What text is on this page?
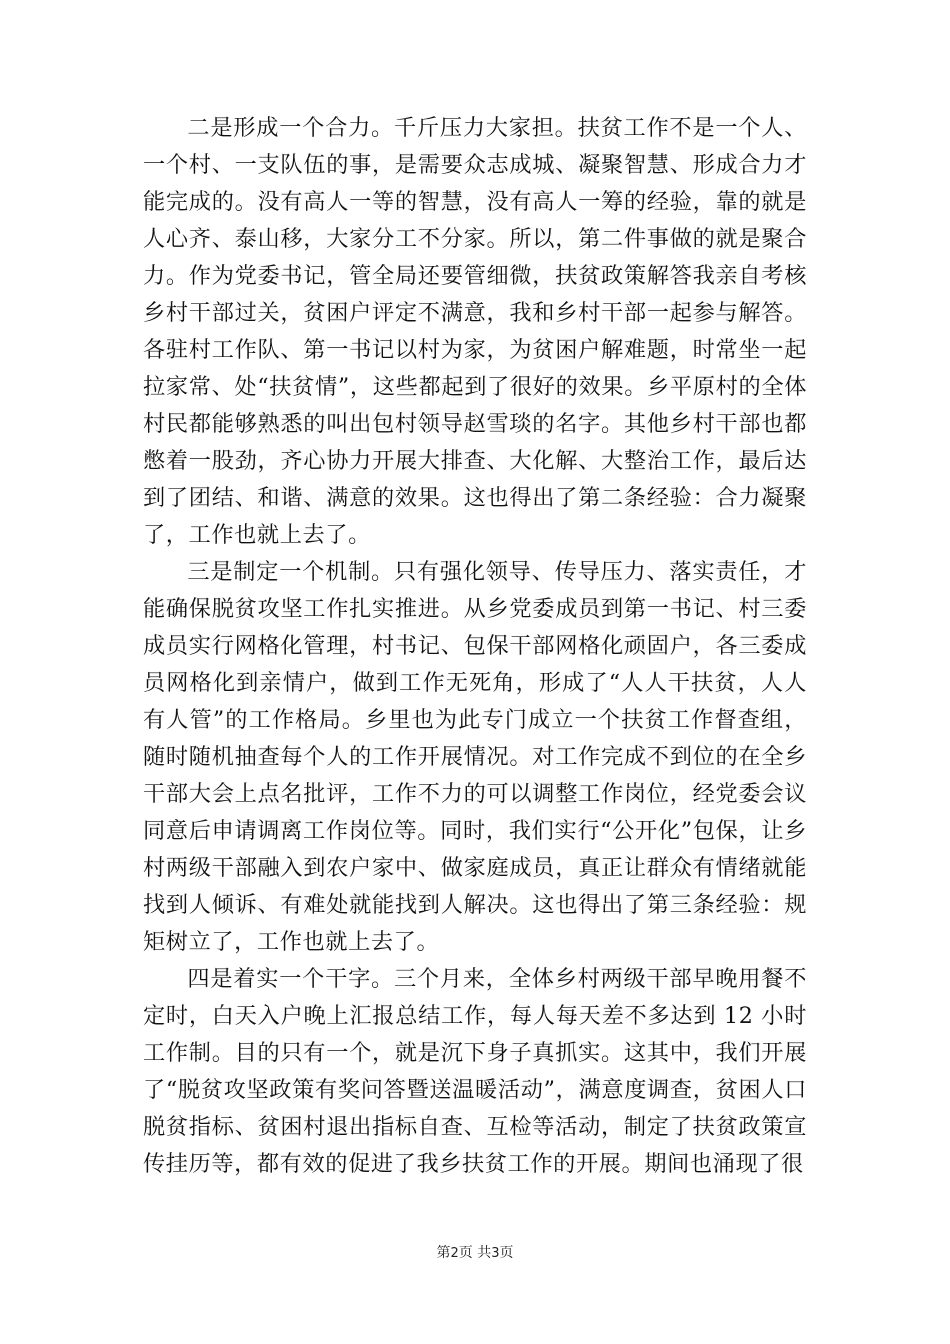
二是形成一个合力。千斤压力大家担。扶贫工作不是一个人、一个村、一支队伍的事，是需要众志成城、凝聚智慧、形成合力才能完成的。没有高人一等的智慧，没有高人一筹的经验，靠的就是人心齐、泰山移，大家分工不分家。所以，第二件事做的就是聚合力。作为党委书记，管全局还要管细微，扶贫政策解答我亲自考核乡村干部过关，贫困户评定不满意，我和乡村干部一起参与解答。各驻村工作队、第一书记以村为家，为贫困户解难题，时常坐一起拉家常、处“扶贫情”，这些都起到了很好的效果。乡平原村的全体村民都能够熟悉的叫出包村领导赵雪琰的名字。其他乡村干部也都憋着一股劲，齐心协力开展大排查、大化解、大整治工作，最后达到了团结、和谐、满意的效果。这也得出了第二条经验：合力凝聚了，工作也就上去了。

三是制定一个机制。只有强化领导、传导压力、落实责任，才能确保脱贫攻坚工作扎实推进。从乡党委成员到第一书记、村三委成员实行网格化管理，村书记、包保干部网格化顽固户，各三委成员网格化到亲情户，做到工作无死角，形成了“人人干扶贫，人人有人管”的工作格局。乡里也为此专门成立一个扶贫工作督查组，随时随机抽查每个人的工作开展情况。对工作完成不到位的在全乡干部大会上点名批评，工作不力的可以调整工作岗位，经党委会议同意后申请调离工作岗位等。同时，我们实行“公开化”包保，让乡村两级干部融入到农户家中、做家庭成员，真正让群众有情绪就能找到人倾诉、有难处就能找到人解决。这也得出了第三条经验：规矩树立了，工作也就上去了。

四是着实一个干字。三个月来，全体乡村两级干部早晚用餐不定时，白天入户晚上汇报总结工作，每人每天差不多达到 12 小时工作制。目的只有一个，就是沉下身子真抓实。这其中，我们开展了“脱贫攻坚政策有奖问答暨送温暖活动”，满意度调查，贫困人口脱贫指标、贫困村退出指标自查、互检等活动，制定了扶贫政策宣传挂历等，都有效的促进了我乡扶贫工作的开展。期间也涌现了很

第2页 共3页
